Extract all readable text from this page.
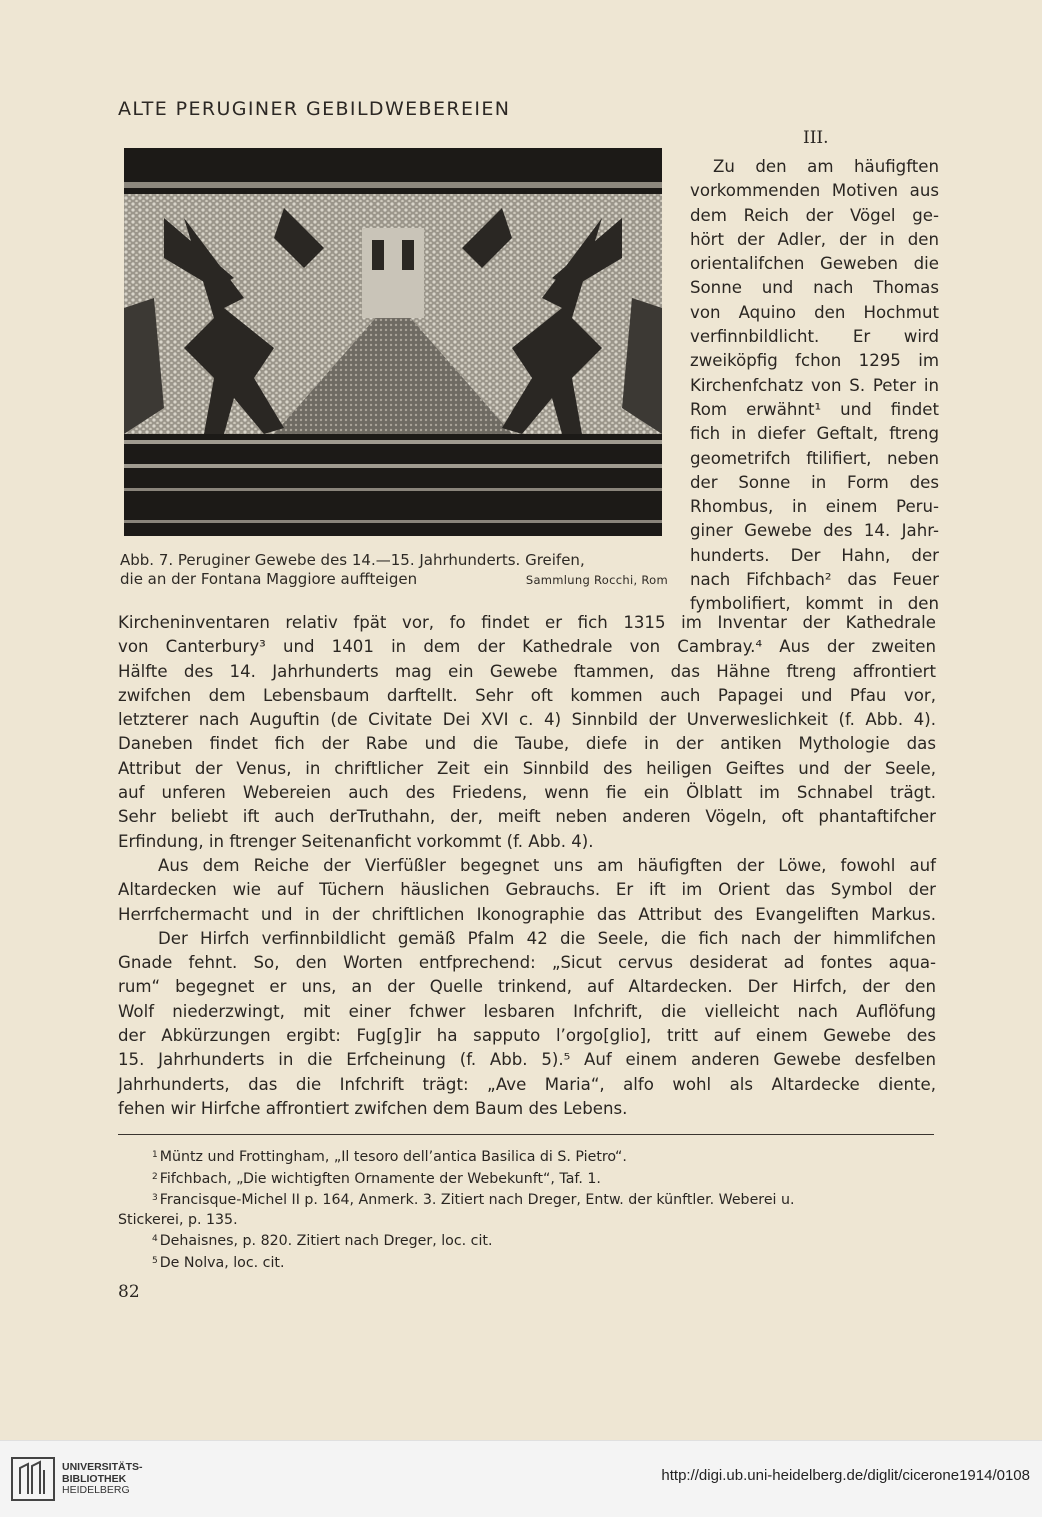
ALTE PERUGINER GEBILDWEBEREIEN
III.
Abb. 7. Peruginer Gewebe des 14.—15. Jahrhunderts. Greifen,
die an der Fontana Maggiore auffteigen	Sammlung Rocchi, Rom
Zu den am häufigften
vorkommenden Motiven aus
dem Reich der Vögel ge-
hört der Adler, der in den
orientalifchen Geweben die
Sonne und nach Thomas
von Aquino den Hochmut
verfinnbildlicht. Er wird
zweiköpfig fchon 1295 im
Kirchenfchatz von S. Peter in
Rom erwähnt¹ und findet
fich in diefer Geftalt, ftreng
geometrifch ftilifiert, neben
der Sonne in Form des
Rhombus, in einem Peru-
giner Gewebe des 14. Jahr-
hunderts. Der Hahn, der
nach Fifchbach² das Feuer
fymbolifiert, kommt in den
Kircheninventaren relativ fpät vor, fo findet er fich 1315 im Inventar der Kathedrale
von Canterbury³ und 1401 in dem der Kathedrale von Cambray.⁴ Aus der zweiten
Hälfte des 14. Jahrhunderts mag ein Gewebe ftammen, das Hähne ftreng affrontiert
zwifchen dem Lebensbaum darftellt. Sehr oft kommen auch Papagei und Pfau vor,
letzterer nach Auguftin (de Civitate Dei XVI c. 4) Sinnbild der Unverweslichkeit (f. Abb. 4).
Daneben findet fich der Rabe und die Taube, diefe in der antiken Mythologie das
Attribut der Venus, in chriftlicher Zeit ein Sinnbild des heiligen Geiftes und der Seele,
auf unferen Webereien auch des Friedens, wenn fie ein Ölblatt im Schnabel trägt.
Sehr beliebt ift auch derTruthahn, der, meift neben anderen Vögeln, oft phantaftifcher
Erfindung, in ftrenger Seitenanficht vorkommt (f. Abb. 4).
Aus dem Reiche der Vierfüßler begegnet uns am häufigften der Löwe, fowohl auf
Altardecken wie auf Tüchern häuslichen Gebrauchs. Er ift im Orient das Symbol der
Herrfchermacht und in der chriftlichen Ikonographie das Attribut des Evangeliften Markus.
Der Hirfch verfinnbildlicht gemäß Pfalm 42 die Seele, die fich nach der himmlifchen
Gnade fehnt. So, den Worten entfprechend: „Sicut cervus desiderat ad fontes aqua-
rum“ begegnet er uns, an der Quelle trinkend, auf Altardecken. Der Hirfch, der den
Wolf niederzwingt, mit einer fchwer lesbaren Infchrift, die vielleicht nach Auflöfung
der Abkürzungen ergibt: Fug[g]ir ha sapputo l’orgo[glio], tritt auf einem Gewebe des
15. Jahrhunderts in die Erfcheinung (f. Abb. 5).⁵ Auf einem anderen Gewebe desfelben
Jahrhunderts, das die Infchrift trägt: „Ave Maria“, alfo wohl als Altardecke diente,
fehen wir Hirfche affrontiert zwifchen dem Baum des Lebens.
$^1$ Müntz und Frottingham, „Il tesoro dell’antica Basilica di S. Pietro“.
$^2$ Fifchbach, „Die wichtigften Ornamente der Webekunft“, Taf. 1.
$^3$ Francisque-Michel II p. 164, Anmerk. 3. Zitiert nach Dreger, Entw. der künftler. Weberei u.
Stickerei, p. 135.
$^4$ Dehaisnes, p. 820. Zitiert nach Dreger, loc. cit.
$^5$ De Nolva, loc. cit.
82
UNIVERSITÄTS-
BIBLIOTHEK
HEIDELBERG
http://digi.ub.uni-heidelberg.de/diglit/cicerone1914/0108
